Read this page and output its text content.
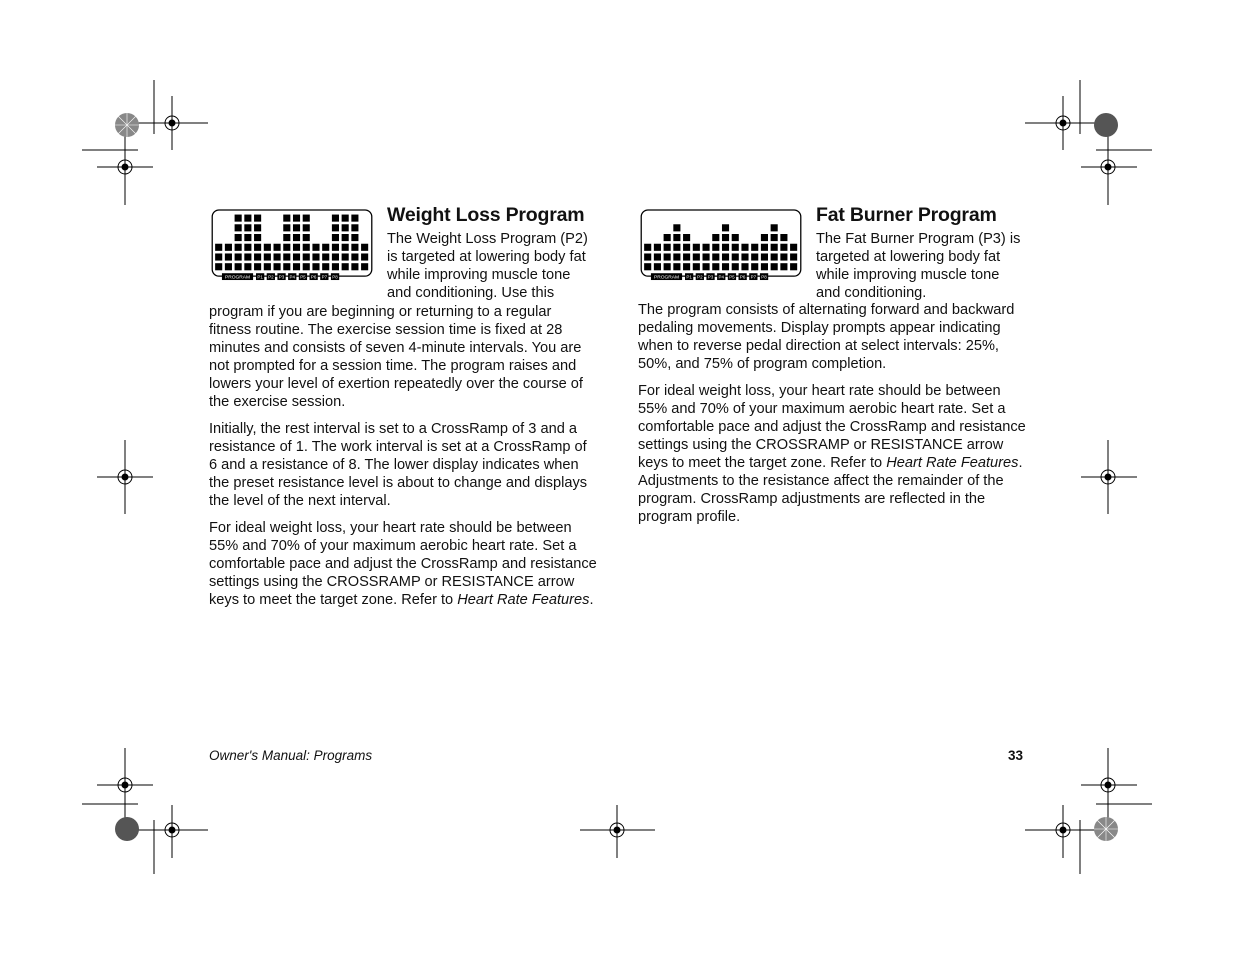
PROGRAM P1 P2 P3 P4 P5 P6 P7 P8
Weight Loss Program

The Weight Loss Program (P2) is targeted at lowering body fat while improving muscle tone and conditioning. Use this

program if you are beginning or returning to a regular fitness routine. The exercise session time is fixed at 28 minutes and consists of seven 4-minute intervals. You are not prompted for a session time. The program raises and lowers your level of exertion repeatedly over the course of the exercise session.

Initially, the rest interval is set to a CrossRamp of 3 and a resistance of 1. The work interval is set at a CrossRamp of 6 and a resistance of 8. The lower display indicates when the preset resistance level is about to change and displays the level of the next interval.

For ideal weight loss, your heart rate should be between 55% and 70% of your maximum aerobic heart rate. Set a comfortable pace and adjust the CrossRamp and resistance settings using the CROSSRAMP or RESISTANCE arrow keys to meet the target zone. Refer to Heart Rate Features.

PROGRAM P1 P2 P3 P4 P5 P6 P7 P8
Fat Burner Program

The Fat Burner Program (P3) is targeted at lowering body fat while improving muscle tone and conditioning.

The program consists of alternating forward and backward pedaling movements. Display prompts appear indicating when to reverse pedal direction at select intervals: 25%, 50%, and 75% of program completion.

For ideal weight loss, your heart rate should be between 55% and 70% of your maximum aerobic heart rate. Set a comfortable pace and adjust the CrossRamp and resistance settings using the CROSSRAMP or RESISTANCE arrow keys to meet the target zone. Refer to Heart Rate Features. Adjustments to the resistance affect the remainder of the program. CrossRamp adjustments are reflected in the program profile.

Owner's Manual: Programs	33
